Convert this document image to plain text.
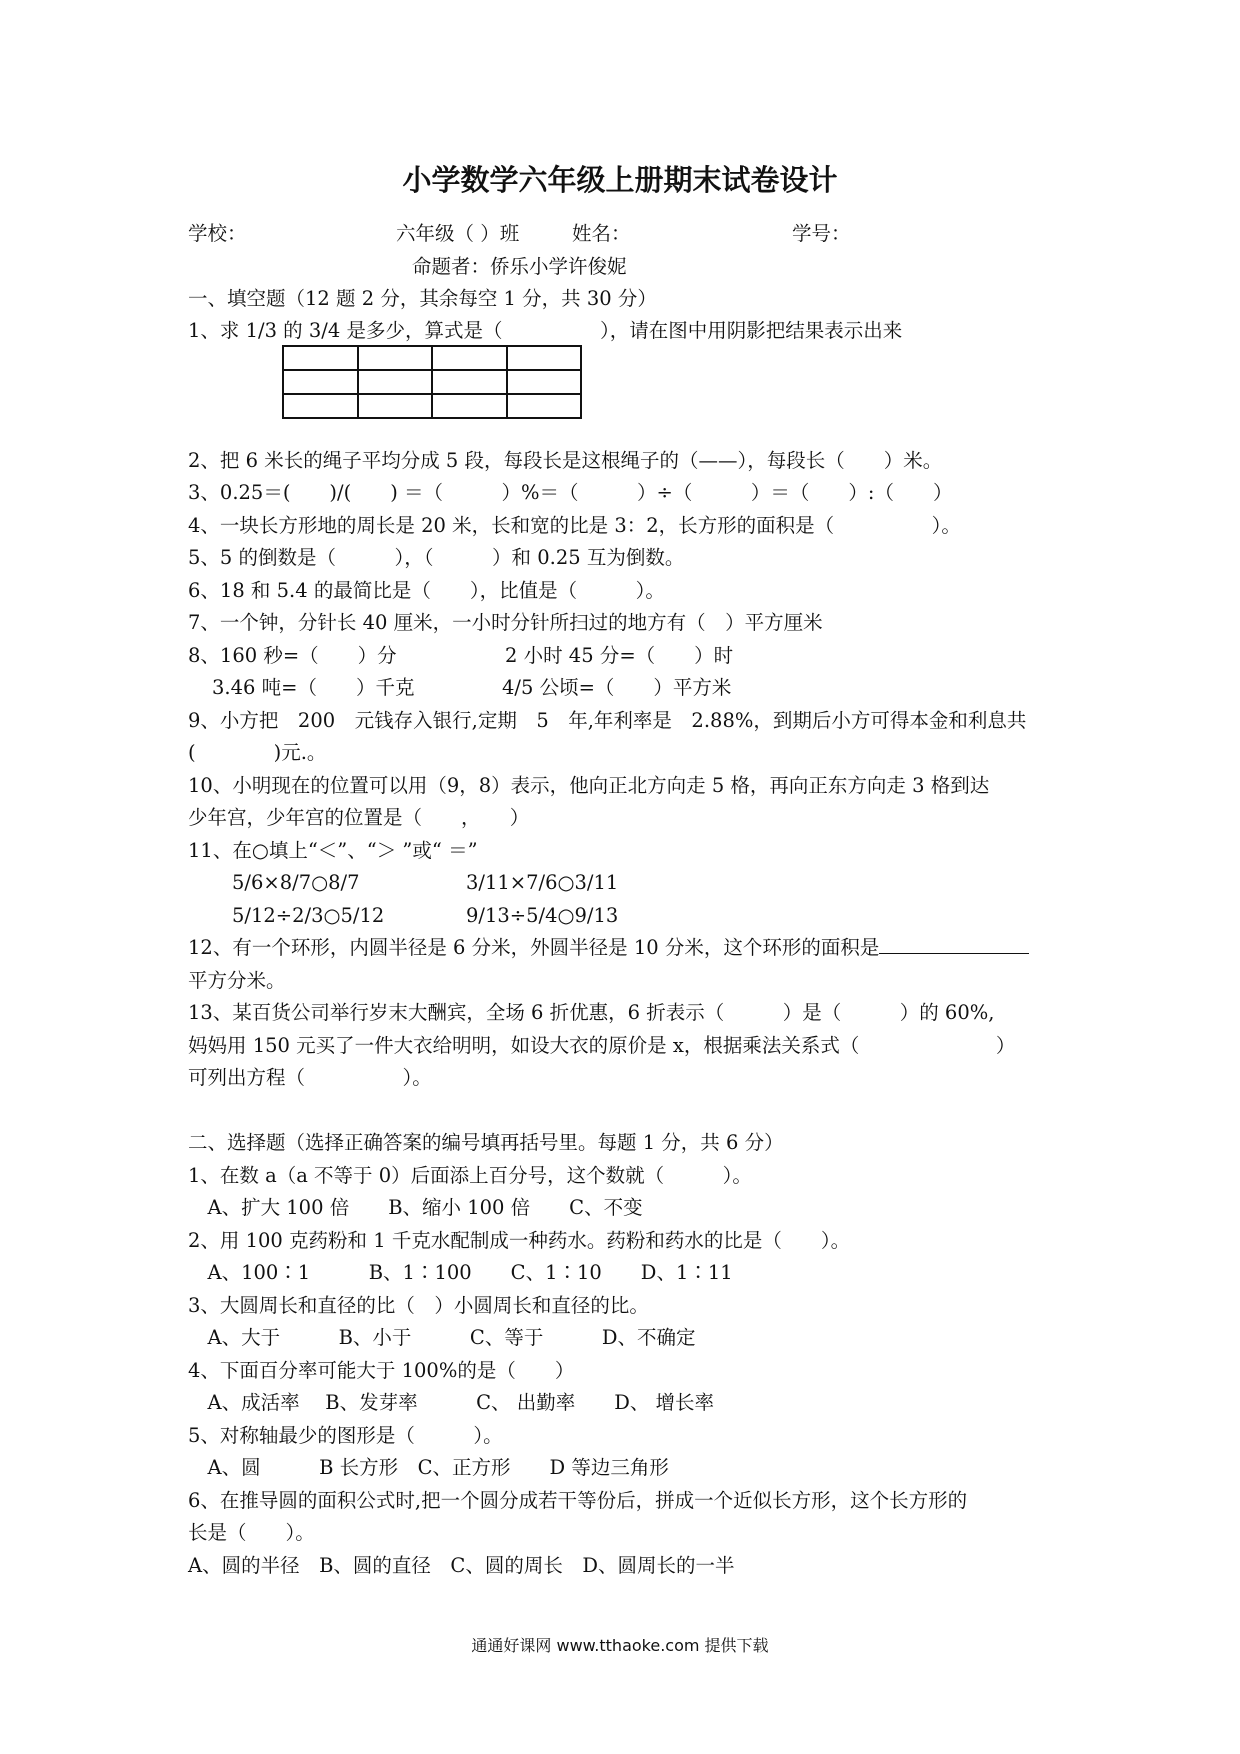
小学数学六年级上册期末试卷设计
学校：	六年级（ ）班	姓名：	学号：
命题者：侨乐小学许俊妮
一、填空题（12 题 2 分，其余每空 1 分，共 30 分）
1、求 1/3 的 3/4 是多少，算式是（　　　　　），请在图中用阴影把结果表示出来

2、把 6 米长的绳子平均分成 5 段，每段长是这根绳子的（——），每段长（　　）米。
3、0.25＝(　　)/(　　) ＝（　　　）%＝（　　　）÷（　　　）＝（　　）:（　　）
4、一块长方形地的周长是 20 米，长和宽的比是 3：2，长方形的面积是（　　　　　）。
5、5 的倒数是（　　　），（　　　）和 0.25 互为倒数。
6、18 和 5.4 的最简比是（　　），比值是（　　　）。
7、一个钟，分针长 40 厘米，一小时分针所扫过的地方有（　）平方厘米
8、160 秒=（　　）分	2 小时 45 分=（　　）时
3.46 吨=（　　）千克	4/5 公顷=（　　）平方米
9、小方把　200　元钱存入银行,定期　5　年,年利率是　2.88%，到期后小方可得本金和利息共
(　　　　)元.。
10、小明现在的位置可以用（9，8）表示，他向正北方向走 5 格，再向正东方向走 3 格到达
少年宫，少年宫的位置是（　　，　　）
11、在○填上“＜”、“＞ ”或“ ＝”
5/6×8/7○8/7	3/11×7/6○3/11
5/12÷2/3○5/12	9/13÷5/4○9/13
12、有一个环形，内圆半径是 6 分米，外圆半径是 10 分米，这个环形的面积是
平方分米。
13、某百货公司举行岁末大酬宾，全场 6 折优惠，6 折表示（　　　）是（　　　）的 60%,
妈妈用 150 元买了一件大衣给明明，如设大衣的原价是 x，根据乘法关系式（　　　　　　　）
可列出方程（　　　　　）。
二、选择题（选择正确答案的编号填再括号里。每题 1 分，共 6 分）
1、在数 a（a 不等于 0）后面添上百分号，这个数就（　　　）。
　A、扩大 100 倍　　B、缩小 100 倍　　C、不变
2、用 100 克药粉和 1 千克水配制成一种药水。药粉和药水的比是（　　）。
　A、100∶1　　　B、1∶100　　C、1∶10　　D、1∶11
3、大圆周长和直径的比（　）小圆周长和直径的比。
　A、大于　　　B、小于　　　C、等于　　　D、不确定
4、下面百分率可能大于 100%的是（　　）
　A、成活率　 B、发芽率　　　C、 出勤率　　D、 增长率
5、对称轴最少的图形是（　　　）。
　A、圆　　　B 长方形　C、正方形　　D 等边三角形
6、在推导圆的面积公式时,把一个圆分成若干等份后，拼成一个近似长方形，这个长方形的
长是（　　）。
A、圆的半径　B、圆的直径　C、圆的周长　D、圆周长的一半
通通好课网 www.tthaoke.com 提供下载
